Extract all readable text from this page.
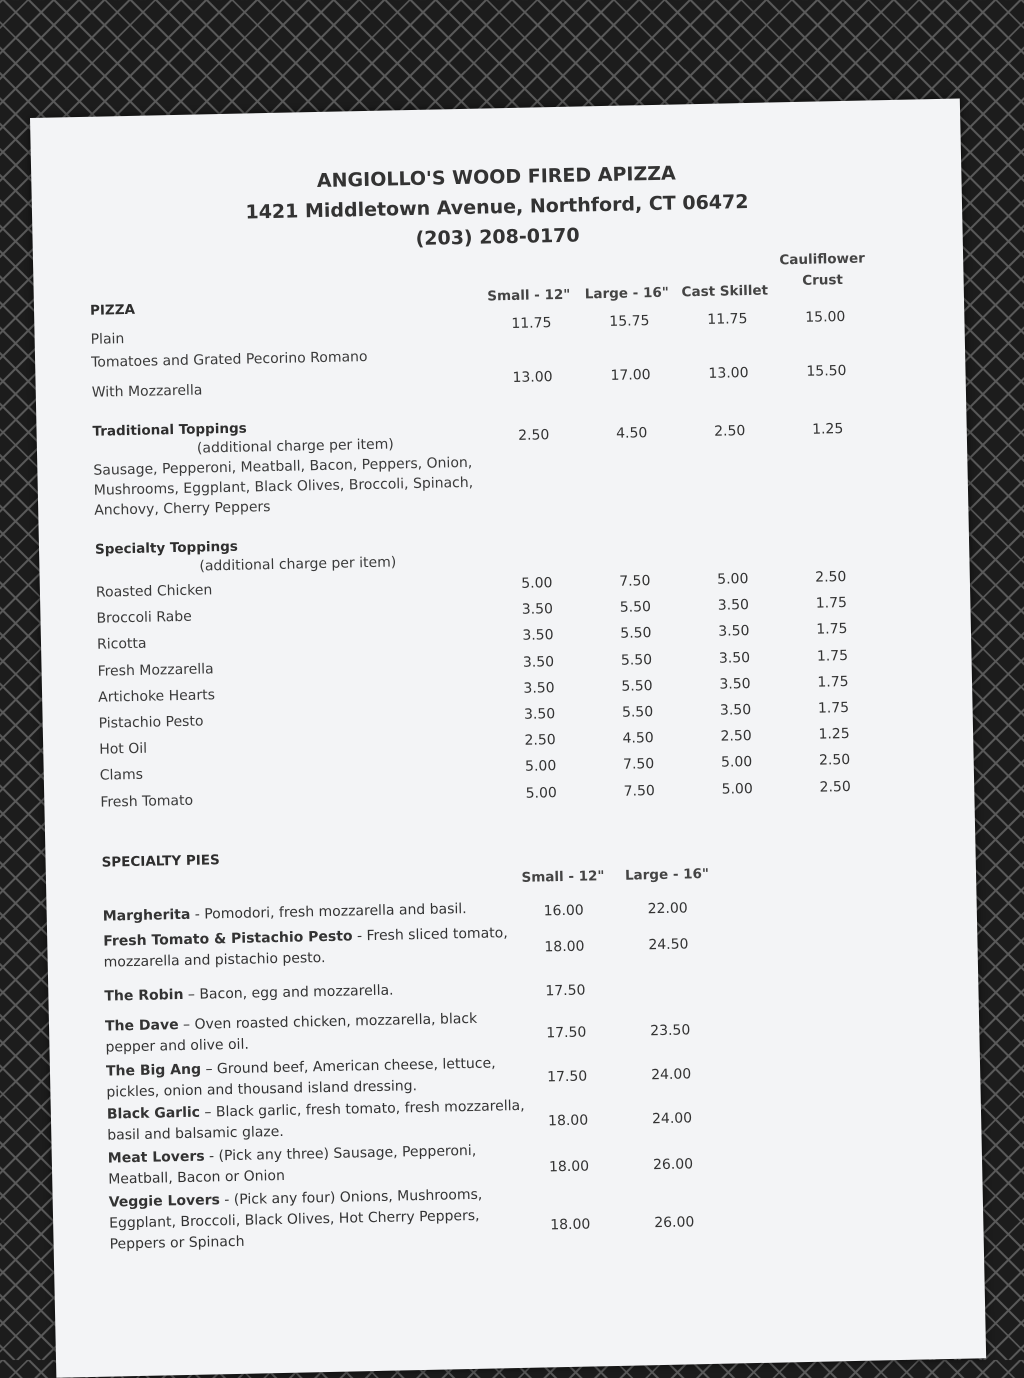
ANGIOLLO'S WOOD FIRED APIZZA
1421 Middletown Avenue, Northford, CT 06472
(203) 208-0170
PIZZA
Small - 12"	Large - 16" Cast Skillet
Cauliflower Crust
Plain
11.75	15.75	11.75	15.00
Tomatoes and Grated Pecorino Romano
With Mozzarella
13.00	17.00	13.00	15.50
Traditional Toppings
(additional charge per item)
2.50	4.50	2.50	1.25
Sausage, Pepperoni, Meatball, Bacon, Peppers, Onion,
Mushrooms, Eggplant, Black Olives, Broccoli, Spinach,
Anchovy, Cherry Peppers
Specialty Toppings
(additional charge per item)
Roasted Chicken	5.00	7.50	5.00	2.50
Broccoli Rabe	3.50	5.50	3.50	1.75
Ricotta
3.50	5.50	3.50	1.75
Fresh Mozzarella	3.50	5.50	3.50	1.75
Artichoke Hearts	3.50	5.50	3.50	1.75
Pistachio Pesto	3.50	5.50	3.50	1.75
Hot Oil
2.50	4.50	2.50	1.25
Clams
5.00	7.50	5.00	2.50
Fresh Tomato	5.00	7.50	5.00	2.50
SPECIALTY PIES
Small - 12"	Large - 16"
Margherita - Pomodori, fresh mozzarella and basil.	16.00	22.00
Fresh Tomato & Pistachio Pesto - Fresh sliced tomato, mozzarella and pistachio pesto.
18.00	24.50
The Robin – Bacon, egg and mozzarella.	17.50
The Dave – Oven roasted chicken, mozzarella, black pepper and olive oil.
17.50	23.50
The Big Ang – Ground beef, American cheese, lettuce, pickles, onion and thousand island dressing.
17.50	24.00
Black Garlic – Black garlic, fresh tomato, fresh mozzarella, basil and balsamic glaze.
18.00	24.00
Meat Lovers - (Pick any three) Sausage, Pepperoni, Meatball, Bacon or Onion
18.00	26.00
Veggie Lovers - (Pick any four) Onions, Mushrooms, Eggplant, Broccoli, Black Olives, Hot Cherry Peppers, Peppers or Spinach
18.00	26.00
